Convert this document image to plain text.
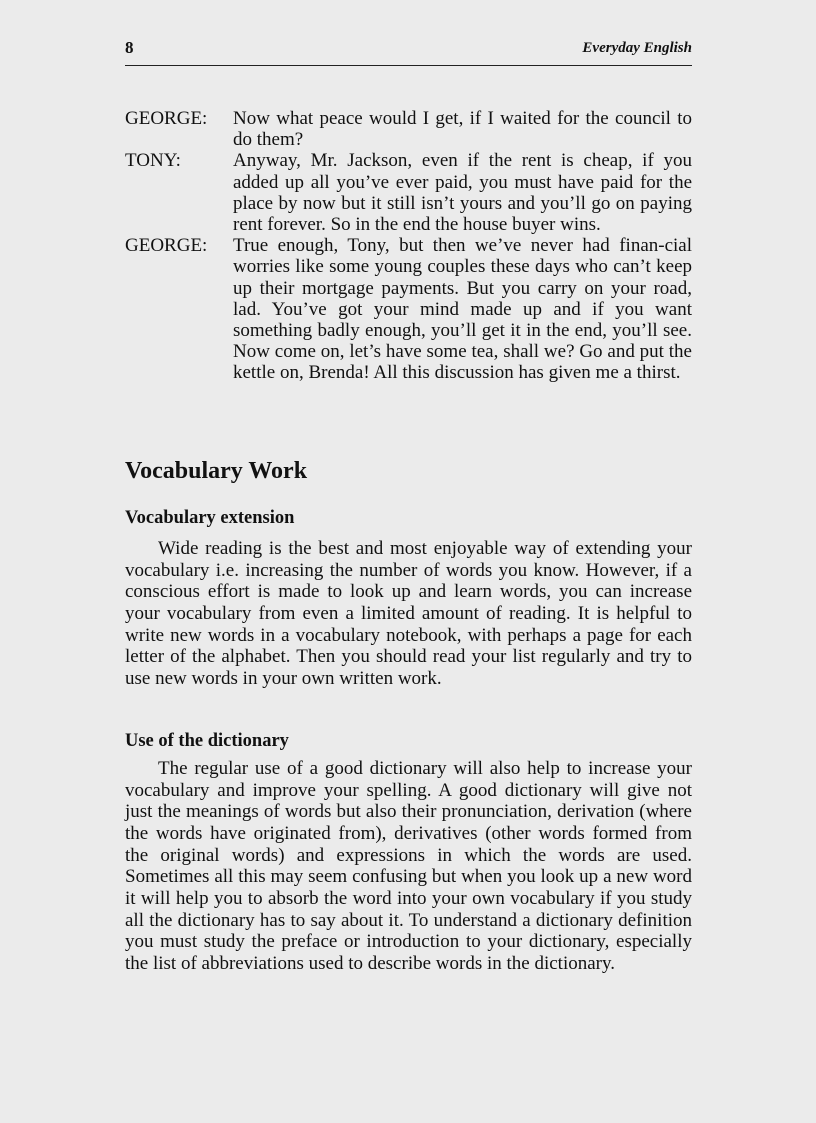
8	Everyday English
GEORGE: Now what peace would I get, if I waited for the council to do them?

TONY:	Anyway, Mr. Jackson, even if the rent is cheap, if you added up all you’ve ever paid, you must have paid for the place by now but it still isn’t yours and you’ll go on paying rent forever. So in the end the house buyer wins.

GEORGE: True enough, Tony, but then we’ve never had finan-cial worries like some young couples these days who can’t keep up their mortgage payments. But you carry on your road, lad. You’ve got your mind made up and if you want something badly enough, you’ll get it in the end, you’ll see. Now come on, let’s have some tea, shall we? Go and put the kettle on, Brenda! All this discussion has given me a thirst.

Vocabulary Work
Vocabulary extension

Wide reading is the best and most enjoyable way of extending your vocabulary i.e. increasing the number of words you know. However, if a conscious effort is made to look up and learn words, you can increase your vocabulary from even a limited amount of reading. It is helpful to write new words in a vocabulary notebook, with perhaps a page for each letter of the alphabet. Then you should read your list regularly and try to use new words in your own written work.

Use of the dictionary

The regular use of a good dictionary will also help to increase your vocabulary and improve your spelling. A good dictionary will give not just the meanings of words but also their pronunciation, derivation (where the words have originated from), derivatives (other words formed from the original words) and expressions in which the words are used. Sometimes all this may seem confusing but when you look up a new word it will help you to absorb the word into your own vocabulary if you study all the dictionary has to say about it. To understand a dictionary definition you must study the preface or introduction to your dictionary, especially the list of abbreviations used to describe words in the dictionary.
